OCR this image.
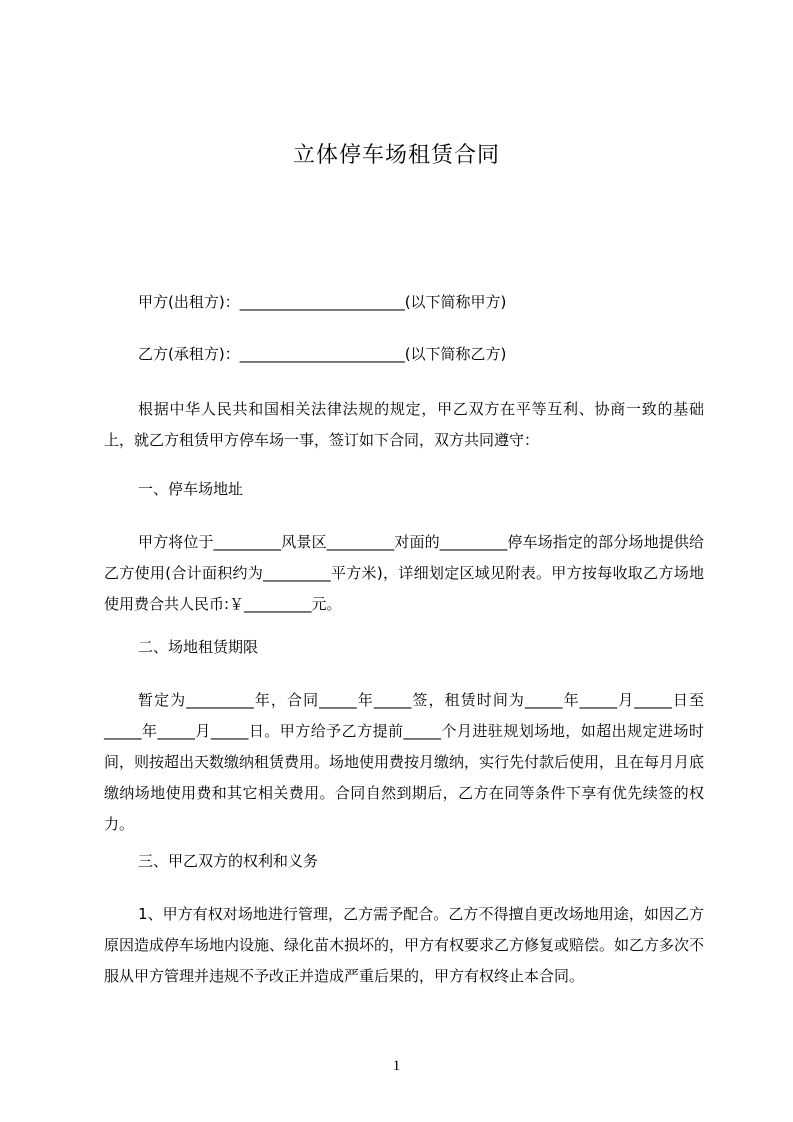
立体停车场租赁合同

甲方(出租方)：______________________(以下简称甲方)

乙方(承租方)：______________________(以下简称乙方)

根据中华人民共和国相关法律法规的规定，甲乙双方在平等互利、协商一致的基础上，就乙方租赁甲方停车场一事，签订如下合同，双方共同遵守：

一、停车场地址

甲方将位于_________风景区_________对面的_________停车场指定的部分场地提供给乙方使用(合计面积约为_________平方米)，详细划定区域见附表。甲方按每收取乙方场地使用费合共人民币:￥_________元。

二、场地租赁期限

暂定为_________年，合同_____年_____签，租赁时间为_____年_____月_____日至_____年_____月_____日。甲方给予乙方提前_____个月进驻规划场地，如超出规定进场时间，则按超出天数缴纳租赁费用。场地使用费按月缴纳，实行先付款后使用，且在每月月底缴纳场地使用费和其它相关费用。合同自然到期后，乙方在同等条件下享有优先续签的权力。

三、甲乙双方的权利和义务

1、甲方有权对场地进行管理，乙方需予配合。乙方不得擅自更改场地用途，如因乙方原因造成停车场地内设施、绿化苗木损坏的，甲方有权要求乙方修复或赔偿。如乙方多次不服从甲方管理并违规不予改正并造成严重后果的，甲方有权终止本合同。

1
